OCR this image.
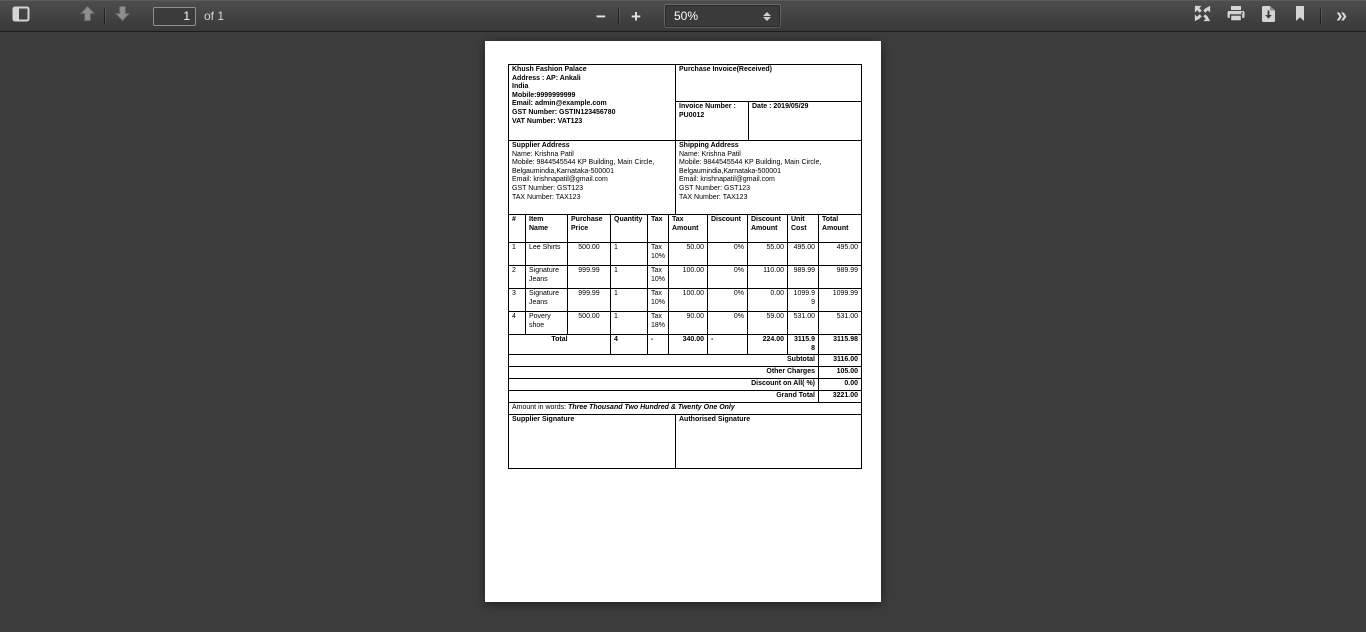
1
of 1	− +	50%	»
Khush Fashion Palace
Address : AP: Ankali
India
Mobile:9999999999
Email: admin@example.com
GST Number: GSTIN123456780
VAT Number: VAT123
	Purchase Invoice(Received)

	Invoice Number :
PU0012	Date : 2019/05/29
Supplier Address
Name: Krishna Patil
Mobile: 9844545544 KP Building, Main Circle, Belgaumindia,Karnataka-500001
Email: krishnapatil@gmail.com
GST Number: GST123
TAX Number: TAX123

Shipping Address
Name: Krishna Patil
Mobile: 9844545544 KP Building, Main Circle, Belgaumindia,Karnataka-500001
Email: krishnapatil@gmail.com
GST Number: GST123
TAX Number: TAX123
#	Item Name	Purchase Price	Quantity	Tax	Tax Amount	Discount	Discount Amount	Unit Cost	Total Amount
1	Lee Shirts	500.00	1	Tax 10%	50.00	0%	55.00	495.00	495.00
2	Signature Jeans	999.99	1	Tax 10%	100.00	0%	110.00	989.99	989.99
3	Signature Jeans	999.99	1	Tax 10%	100.00	0%	0.00	1099.99	1099.99
4	Povery shoe	500.00	1	Tax 18%	90.00	0%	59.00	531.00	531.00
Total			4	-	340.00	-	224.00	3115.98	3115.98
Subtotal	3116.00
Other Charges	105.00
Discount on All( %)	0.00
Grand Total	3221.00
Amount in words: Three Thousand Two Hundred & Twenty One Only
Supplier Signature	Authorised Signature
